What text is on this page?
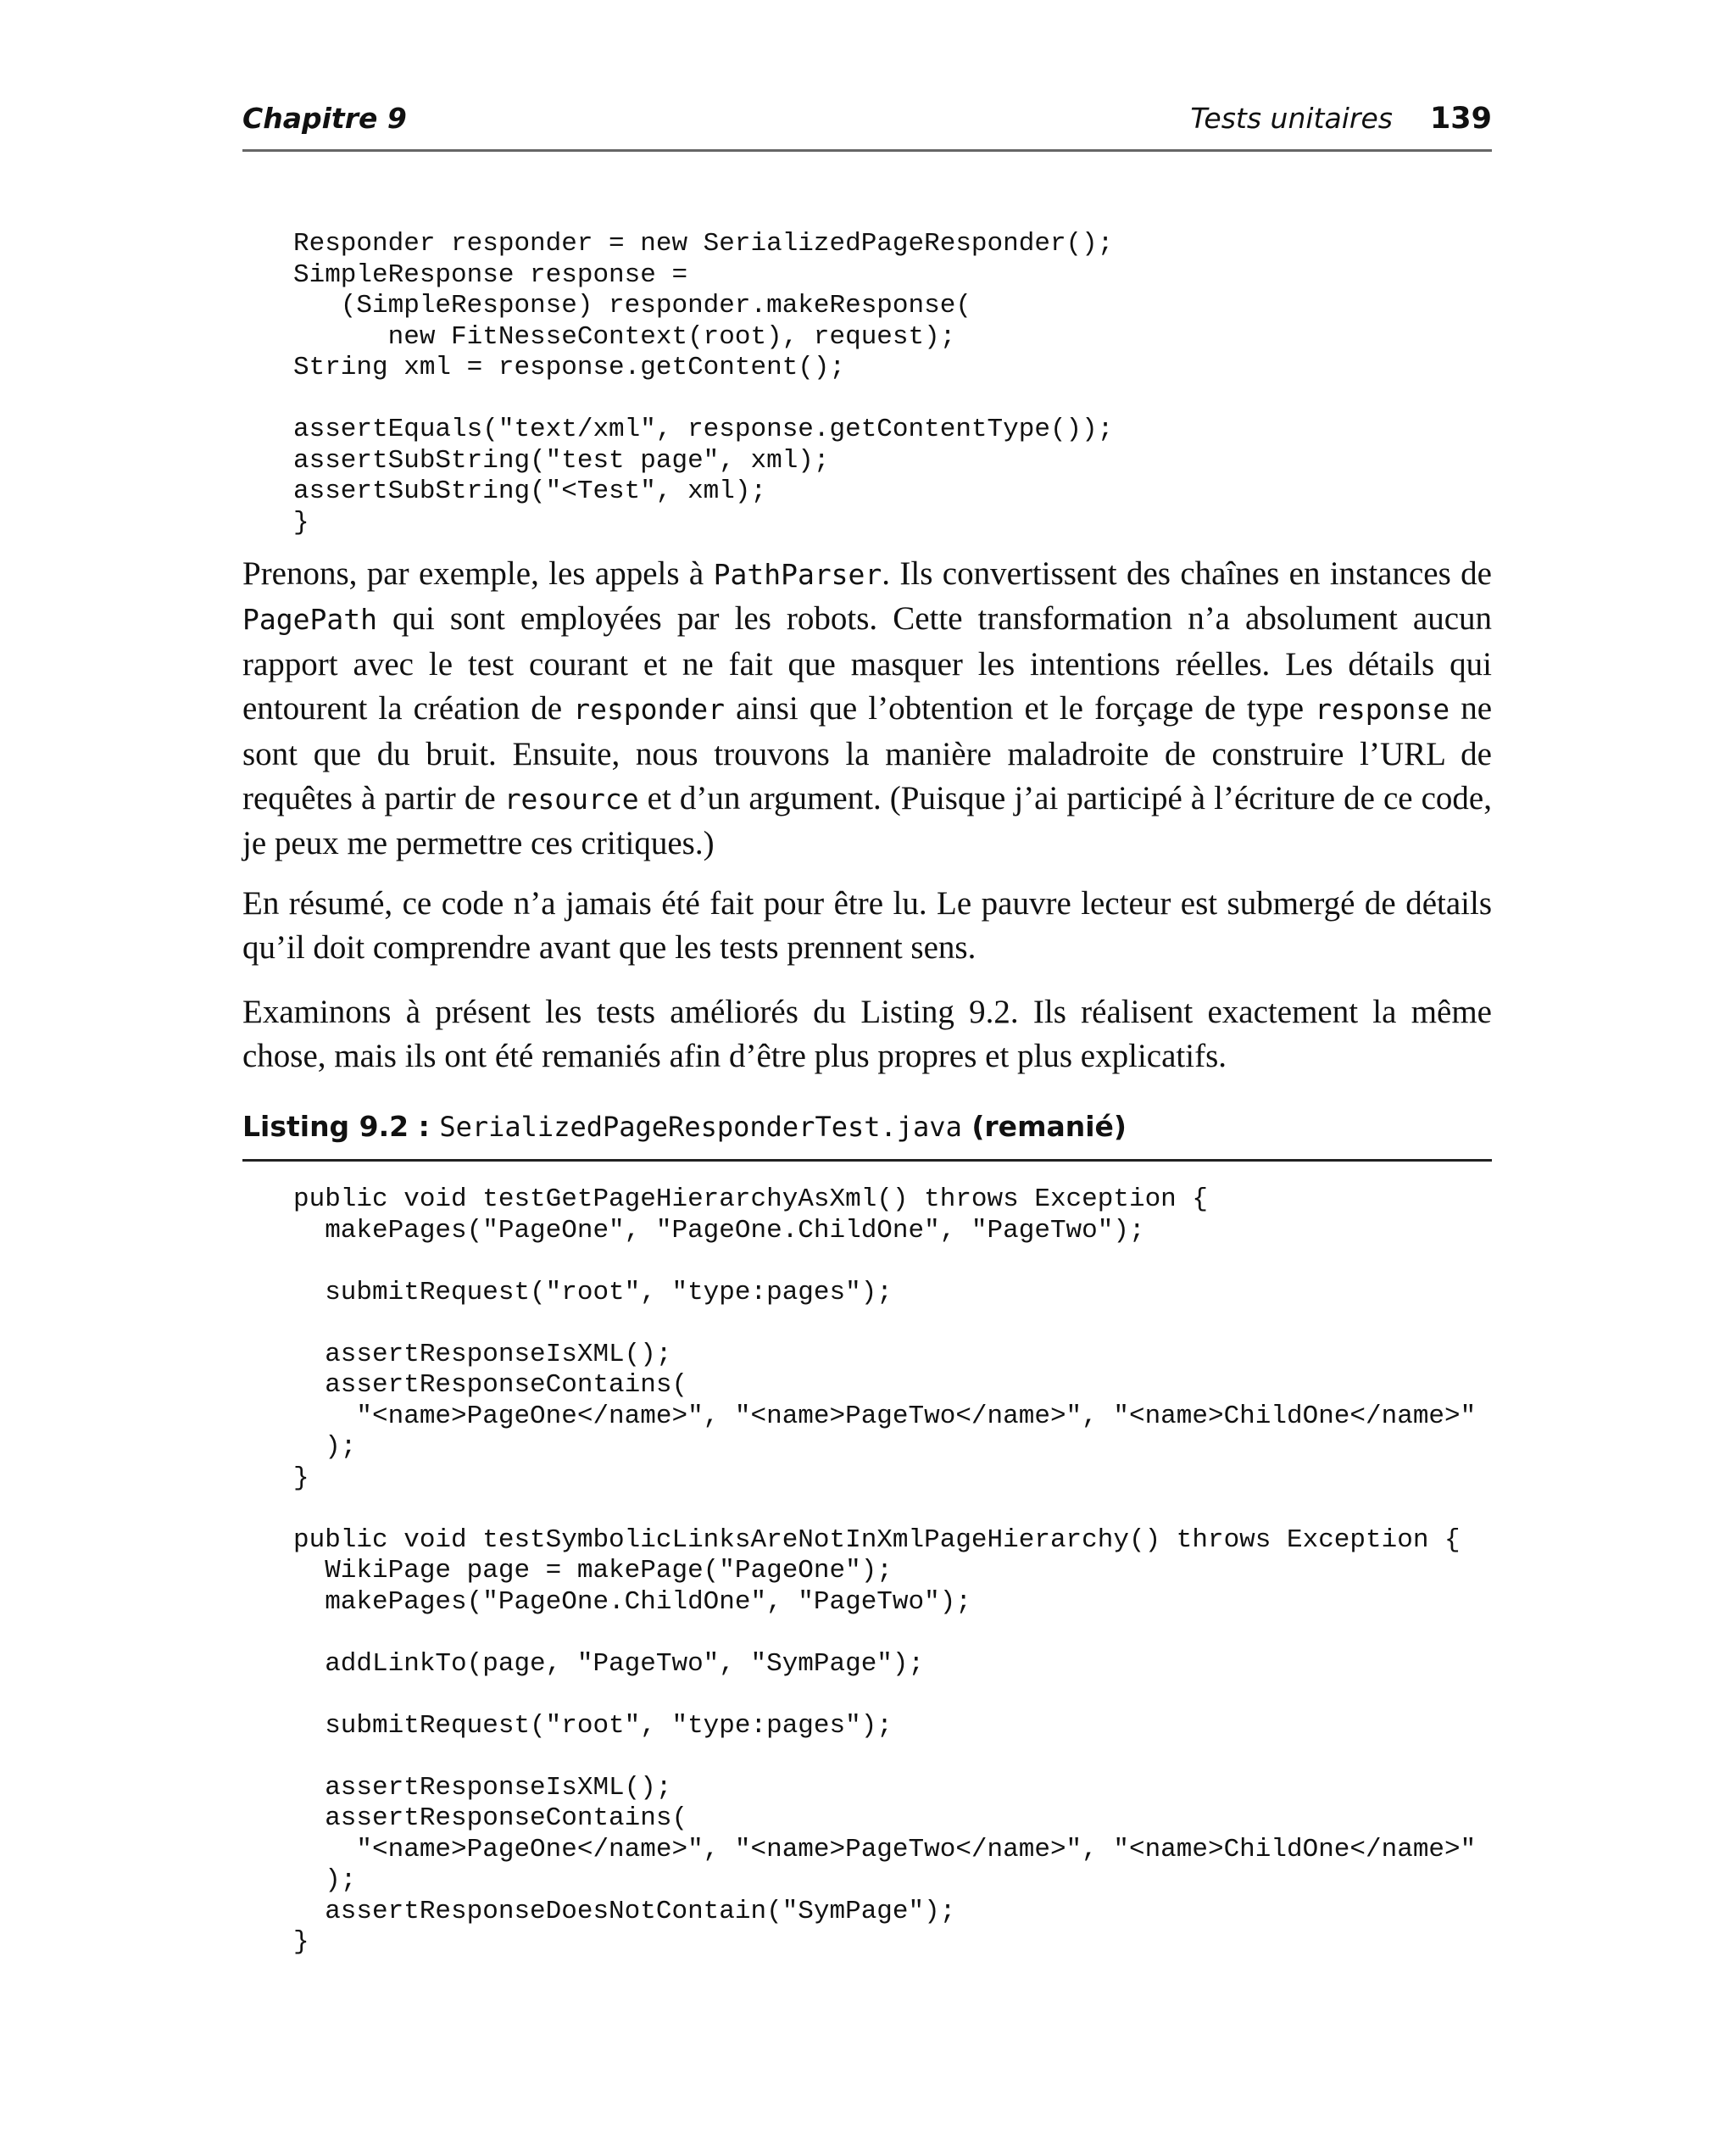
Chapitre 9	Tests unitaires 139
Responder responder = new SerializedPageResponder();
SimpleResponse response =
(SimpleResponse) responder.makeResponse(
new FitNesseContext(root), request);
String xml = response.getContent();

assertEquals("text/xml", response.getContentType());
assertSubString("test page", xml);
assertSubString("<Test", xml);
}

Prenons, par exemple, les appels à PathParser. Ils convertissent des chaînes en instances de PagePath qui sont employées par les robots. Cette transformation n’a absolument aucun rapport avec le test courant et ne fait que masquer les intentions réelles. Les détails qui entourent la création de responder ainsi que l’obtention et le forçage de type response ne sont que du bruit. Ensuite, nous trouvons la manière maladroite de construire l’URL de requêtes à partir de resource et d’un argument. (Puisque j’ai participé à l’écriture de ce code, je peux me permettre ces critiques.)

En résumé, ce code n’a jamais été fait pour être lu. Le pauvre lecteur est submergé de détails qu’il doit comprendre avant que les tests prennent sens.

Examinons à présent les tests améliorés du Listing 9.2. Ils réalisent exactement la même chose, mais ils ont été remaniés afin d’être plus propres et plus explicatifs.

Listing 9.2 : SerializedPageResponderTest.java (remanié)
public void testGetPageHierarchyAsXml() throws Exception {
makePages("PageOne", "PageOne.ChildOne", "PageTwo");

submitRequest("root", "type:pages");

assertResponseIsXML();
assertResponseContains(
"<name>PageOne</name>", "<name>PageTwo</name>", "<name>ChildOne</name>"
);
}

public void testSymbolicLinksAreNotInXmlPageHierarchy() throws Exception {
WikiPage page = makePage("PageOne");
makePages("PageOne.ChildOne", "PageTwo");

addLinkTo(page, "PageTwo", "SymPage");

submitRequest("root", "type:pages");

assertResponseIsXML();
assertResponseContains(
"<name>PageOne</name>", "<name>PageTwo</name>", "<name>ChildOne</name>"
);
assertResponseDoesNotContain("SymPage");
}
